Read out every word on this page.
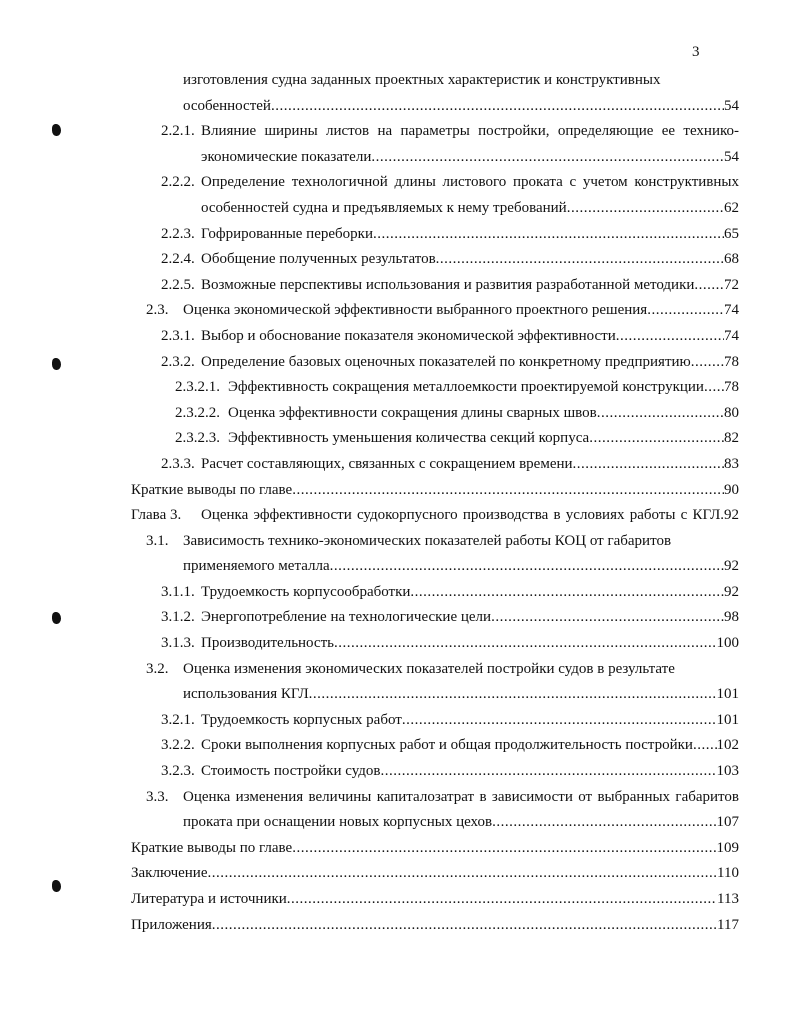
3
изготовления судна заданных проектных характеристик и конструктивных
особенностей .....	54
2.2.1. Влияние ширины листов на параметры постройки, определяющие ее технико-
экономические показатели .....	54
2.2.2. Определение технологичной длины листового проката с учетом конструктивных
особенностей судна и предъявляемых к нему требований .....	62
2.2.3. Гофрированные переборки .....	65
2.2.4. Обобщение полученных результатов .....	68
2.2.5. Возможные перспективы использования и развития разработанной методики ..... 72
2.3. Оценка экономической эффективности выбранного проектного решения .....	74
2.3.1. Выбор и обоснование показателя экономической эффективности .....	74
2.3.2. Определение базовых оценочных показателей по конкретному предприятию ..... 78
2.3.2.1. Эффективность сокращения металлоемкости проектируемой конструкции ..... 78
2.3.2.2. Оценка эффективности сокращения длины сварных швов .....	80
2.3.2.3. Эффективность уменьшения количества секций корпуса .....	82
2.3.3. Расчет составляющих, связанных с сокращением времени .....	83
Краткие выводы по главе .....	90
Глава 3. Оценка эффективности судокорпусного производства в условиях работы с КГЛ.92
3.1. Зависимость технико-экономических показателей работы КОЦ от габаритов
применяемого металла .....	92
3.1.1. Трудоемкость корпусообработки .....	92
3.1.2. Энергопотребление на технологические цели .....	98
3.1.3. Производительность .....	100
3.2. Оценка изменения экономических показателей постройки судов в результате
использования КГЛ .....	101
3.2.1. Трудоемкость корпусных работ .....	101
3.2.2. Сроки выполнения корпусных работ и общая продолжительность постройки ..... 102
3.2.3. Стоимость постройки судов .....	103
3.3. Оценка изменения величины капиталозатрат в зависимости от выбранных габаритов
проката при оснащении новых корпусных цехов .....	107
Краткие выводы по главе .....	109
Заключение .....	110
Литература и источники .....	113
Приложения .....	117
